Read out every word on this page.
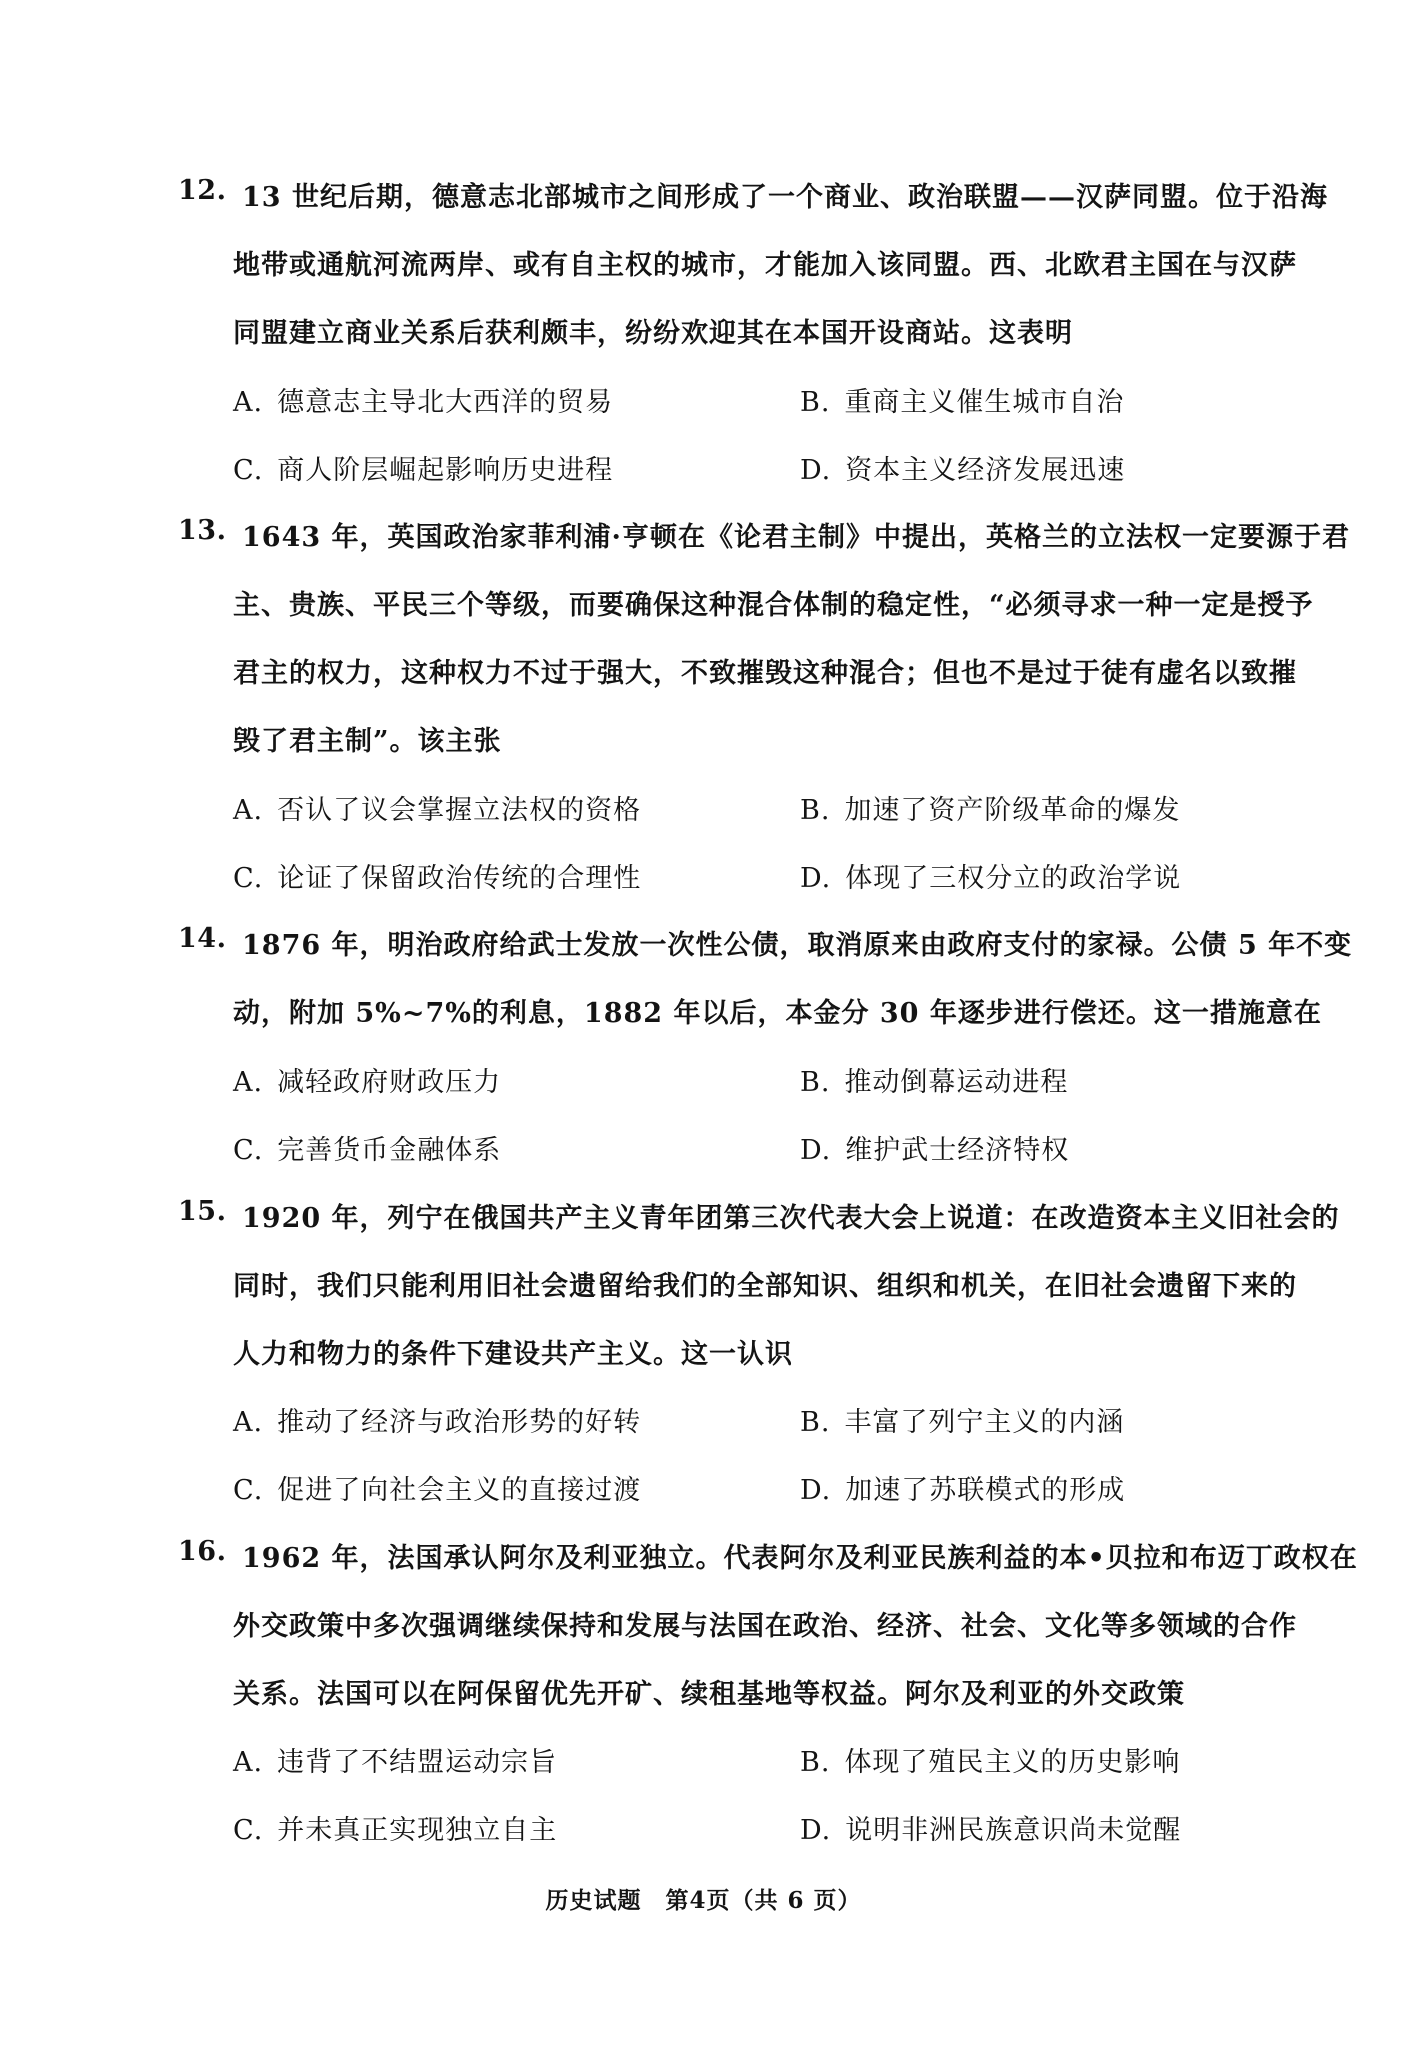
12. 13 世纪后期，德意志北部城市之间形成了一个商业、政治联盟——汉萨同盟。位于沿海
地带或通航河流两岸、或有自主权的城市，才能加入该同盟。西、北欧君主国在与汉萨
同盟建立商业关系后获利颇丰，纷纷欢迎其在本国开设商站。这表明
A. 德意志主导北大西洋的贸易	B. 重商主义催生城市自治
C. 商人阶层崛起影响历史进程	D. 资本主义经济发展迅速
13. 1643 年，英国政治家菲利浦·亨顿在《论君主制》中提出，英格兰的立法权一定要源于君
主、贵族、平民三个等级，而要确保这种混合体制的稳定性，“必须寻求一种一定是授予
君主的权力，这种权力不过于强大，不致摧毁这种混合；但也不是过于徒有虚名以致摧
毁了君主制”。该主张
A. 否认了议会掌握立法权的资格	B. 加速了资产阶级革命的爆发
C. 论证了保留政治传统的合理性	D. 体现了三权分立的政治学说
14. 1876 年，明治政府给武士发放一次性公债，取消原来由政府支付的家禄。公债 5 年不变
动，附加 5%~7%的利息，1882 年以后，本金分 30 年逐步进行偿还。这一措施意在
A. 减轻政府财政压力	B. 推动倒幕运动进程
C. 完善货币金融体系	D. 维护武士经济特权
15. 1920 年，列宁在俄国共产主义青年团第三次代表大会上说道：在改造资本主义旧社会的
同时，我们只能利用旧社会遗留给我们的全部知识、组织和机关，在旧社会遗留下来的
人力和物力的条件下建设共产主义。这一认识
A. 推动了经济与政治形势的好转	B. 丰富了列宁主义的内涵
C. 促进了向社会主义的直接过渡	D. 加速了苏联模式的形成
16. 1962 年，法国承认阿尔及利亚独立。代表阿尔及利亚民族利益的本•贝拉和布迈丁政权在
外交政策中多次强调继续保持和发展与法国在政治、经济、社会、文化等多领域的合作
关系。法国可以在阿保留优先开矿、续租基地等权益。阿尔及利亚的外交政策
A. 违背了不结盟运动宗旨	B. 体现了殖民主义的历史影响
C. 并未真正实现独立自主	D. 说明非洲民族意识尚未觉醒
历史试题　第4页（共 6 页）
